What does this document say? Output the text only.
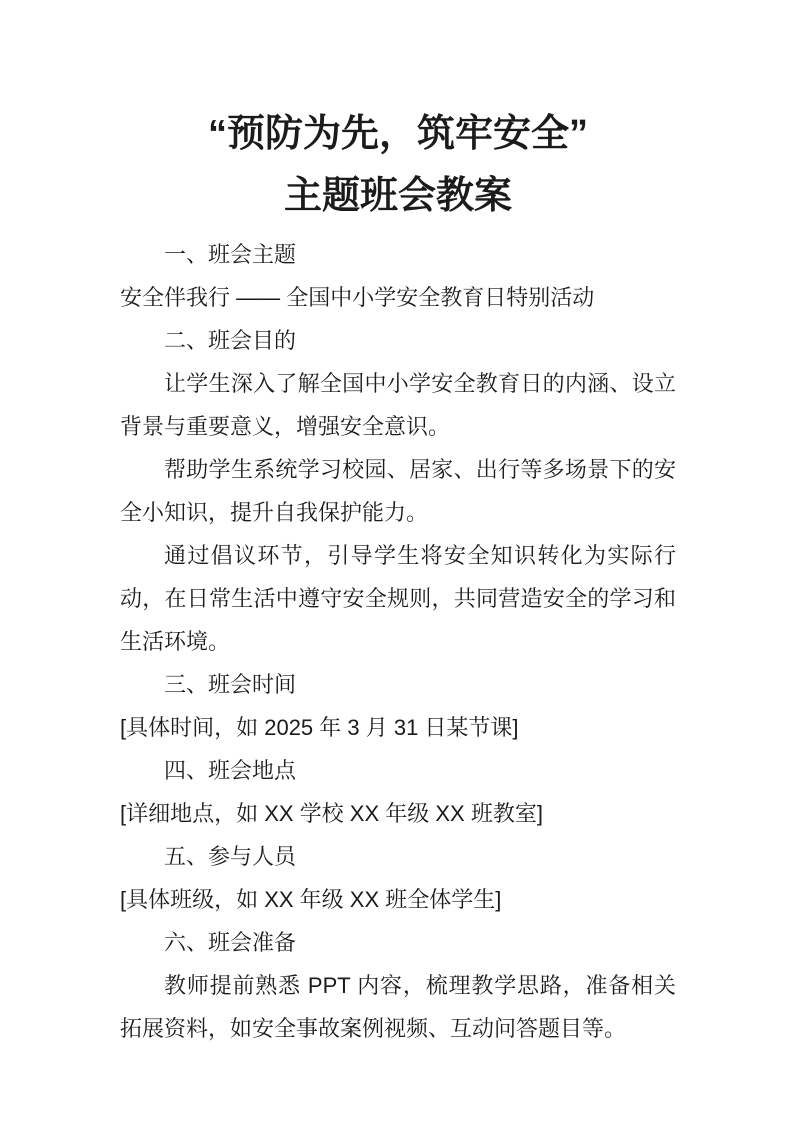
“预防为先，筑牢安全”
主题班会教案

一、班会主题

安全伴我行 —— 全国中小学安全教育日特别活动

二、班会目的

让学生深入了解全国中小学安全教育日的内涵、设立背景与重要意义，增强安全意识。

帮助学生系统学习校园、居家、出行等多场景下的安全小知识，提升自我保护能力。

通过倡议环节，引导学生将安全知识转化为实际行动，在日常生活中遵守安全规则，共同营造安全的学习和生活环境。

三、班会时间

[具体时间，如 2025 年 3 月 31 日某节课]

四、班会地点

[详细地点，如 XX 学校 XX 年级 XX 班教室]

五、参与人员

[具体班级，如 XX 年级 XX 班全体学生]

六、班会准备

教师提前熟悉 PPT 内容，梳理教学思路，准备相关拓展资料，如安全事故案例视频、互动问答题目等。
